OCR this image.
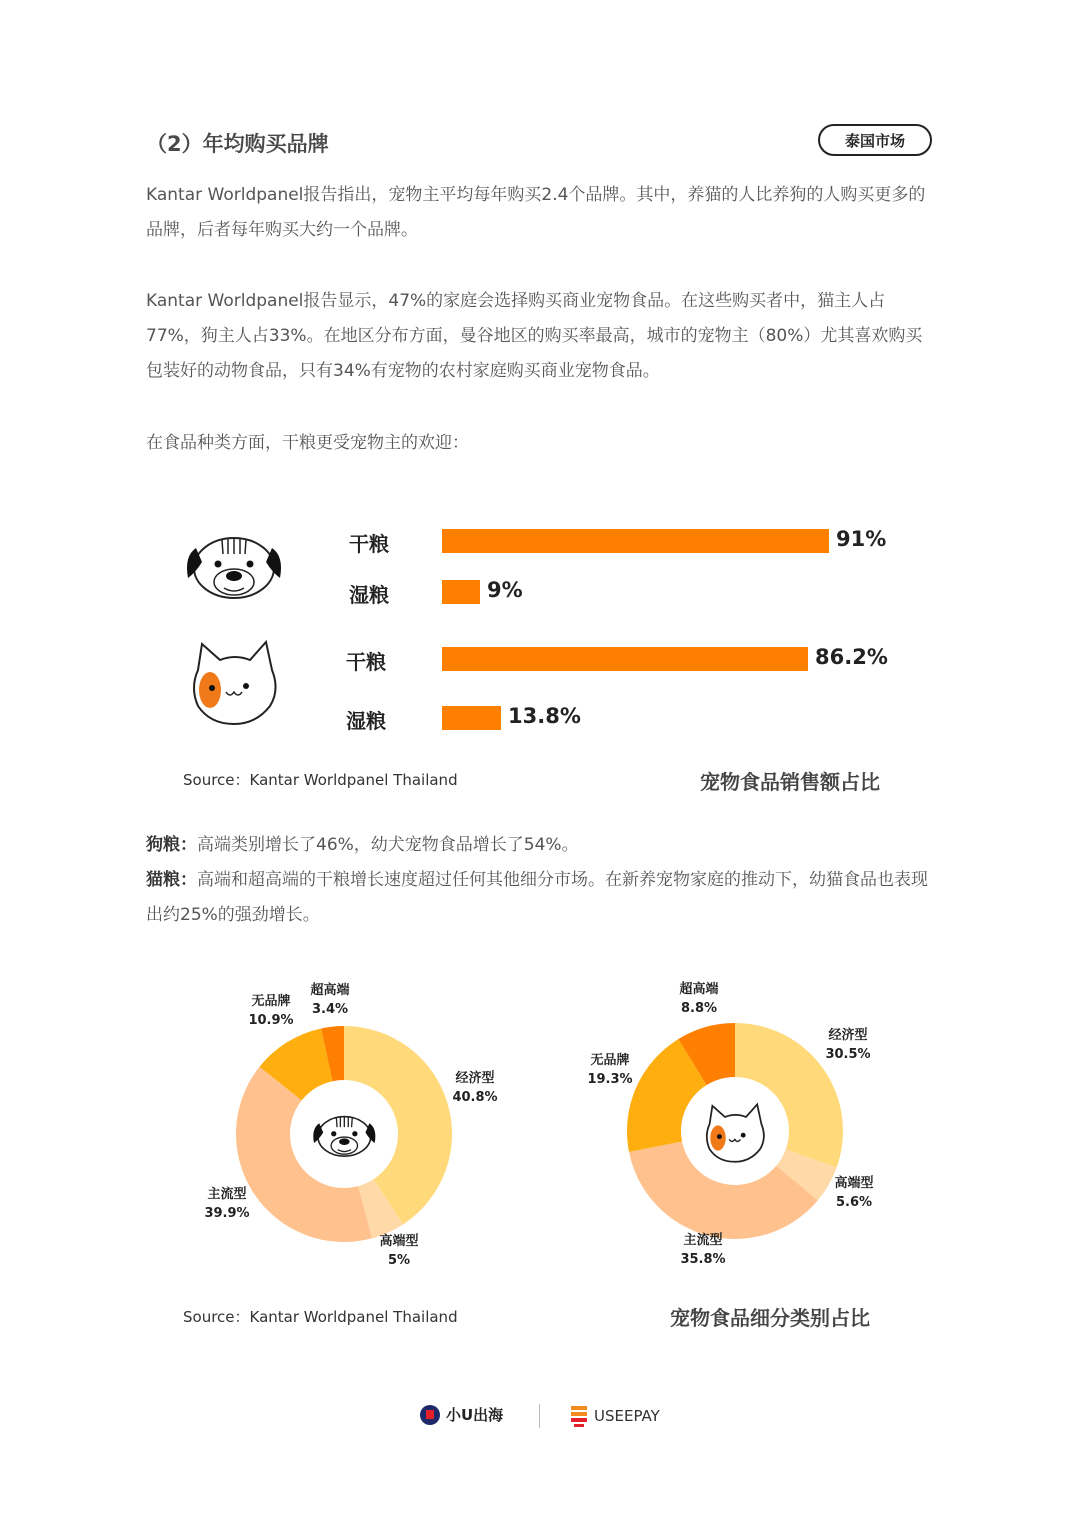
（2）年均购买品牌	泰国市场

Kantar Worldpanel报告指出，宠物主平均每年购买2.4个品牌。其中，养猫的人比养狗的人购买更多的品牌，后者每年购买大约一个品牌。

Kantar Worldpanel报告显示，47%的家庭会选择购买商业宠物食品。在这些购买者中，猫主人占77%，狗主人占33%。在地区分布方面，曼谷地区的购买率最高，城市的宠物主（80%）尤其喜欢购买包装好的动物食品，只有34%有宠物的农村家庭购买商业宠物食品。

在食品种类方面，干粮更受宠物主的欢迎：

干粮	91%
湿粮	9%
干粮	86.2%
湿粮	13.8%
Source：Kantar Worldpanel Thailand	宠物食品销售额占比

狗粮：高端类别增长了46%，幼犬宠物食品增长了54%。

猫粮：高端和超高端的干粮增长速度超过任何其他细分市场。在新养宠物家庭的推动下，幼猫食品也表现出约25%的强劲增长。

经济型
40.8%
高端型
5%
主流型
39.9%
无品牌
10.9%
超高端
3.4%
经济型
30.5%
高端型
5.6%
主流型
35.8%
无品牌
19.3%
超高端
8.8%
Source：Kantar Worldpanel Thailand	宠物食品细分类别占比
小U出海	USEEPAY
